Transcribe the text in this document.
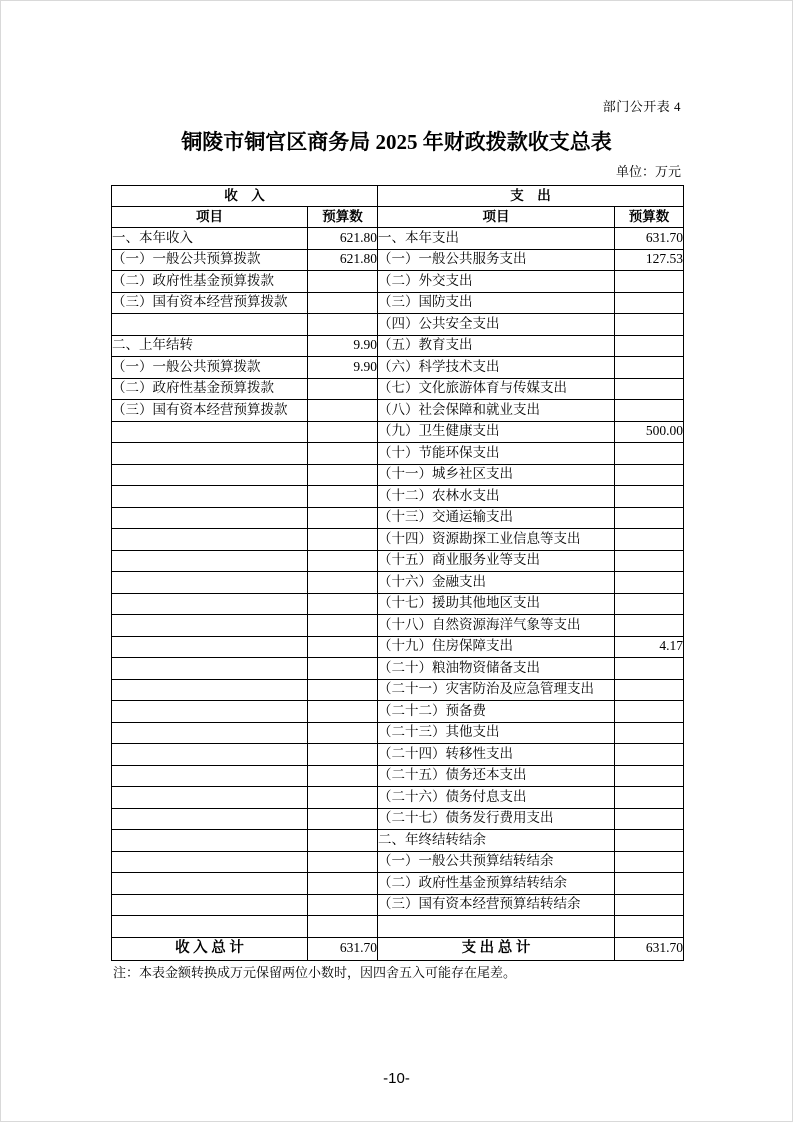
部门公开表 4
铜陵市铜官区商务局 2025 年财政拨款收支总表
单位：万元
收　入		支　出	
项目	预算数	项目	预算数
一、本年收入	621.80	一、本年支出	631.70
（一）一般公共预算拨款	621.80	（一）一般公共服务支出	127.53
（二）政府性基金预算拨款		（二）外交支出	
（三）国有资本经营预算拨款		（三）国防支出	
		（四）公共安全支出	
二、上年结转	9.90	（五）教育支出	
（一）一般公共预算拨款	9.90	（六）科学技术支出	
（二）政府性基金预算拨款		（七）文化旅游体育与传媒支出	
（三）国有资本经营预算拨款		（八）社会保障和就业支出	
		（九）卫生健康支出	500.00
		（十）节能环保支出	
		（十一）城乡社区支出	
		（十二）农林水支出	
		（十三）交通运输支出	
		（十四）资源勘探工业信息等支出	
		（十五）商业服务业等支出	
		（十六）金融支出	
		（十七）援助其他地区支出	
		（十八）自然资源海洋气象等支出	
		（十九）住房保障支出	4.17
		（二十）粮油物资储备支出	
		（二十一）灾害防治及应急管理支出	
		（二十二）预备费	
		（二十三）其他支出	
		（二十四）转移性支出	
		（二十五）债务还本支出	
		（二十六）债务付息支出	
		（二十七）债务发行费用支出	
		二、年终结转结余	
		（一）一般公共预算结转结余	
		（二）政府性基金预算结转结余	
		（三）国有资本经营预算结转结余	

收 入 总 计	631.70	支 出 总 计	631.70
注：本表金额转换成万元保留两位小数时，因四舍五入可能存在尾差。
-10-
